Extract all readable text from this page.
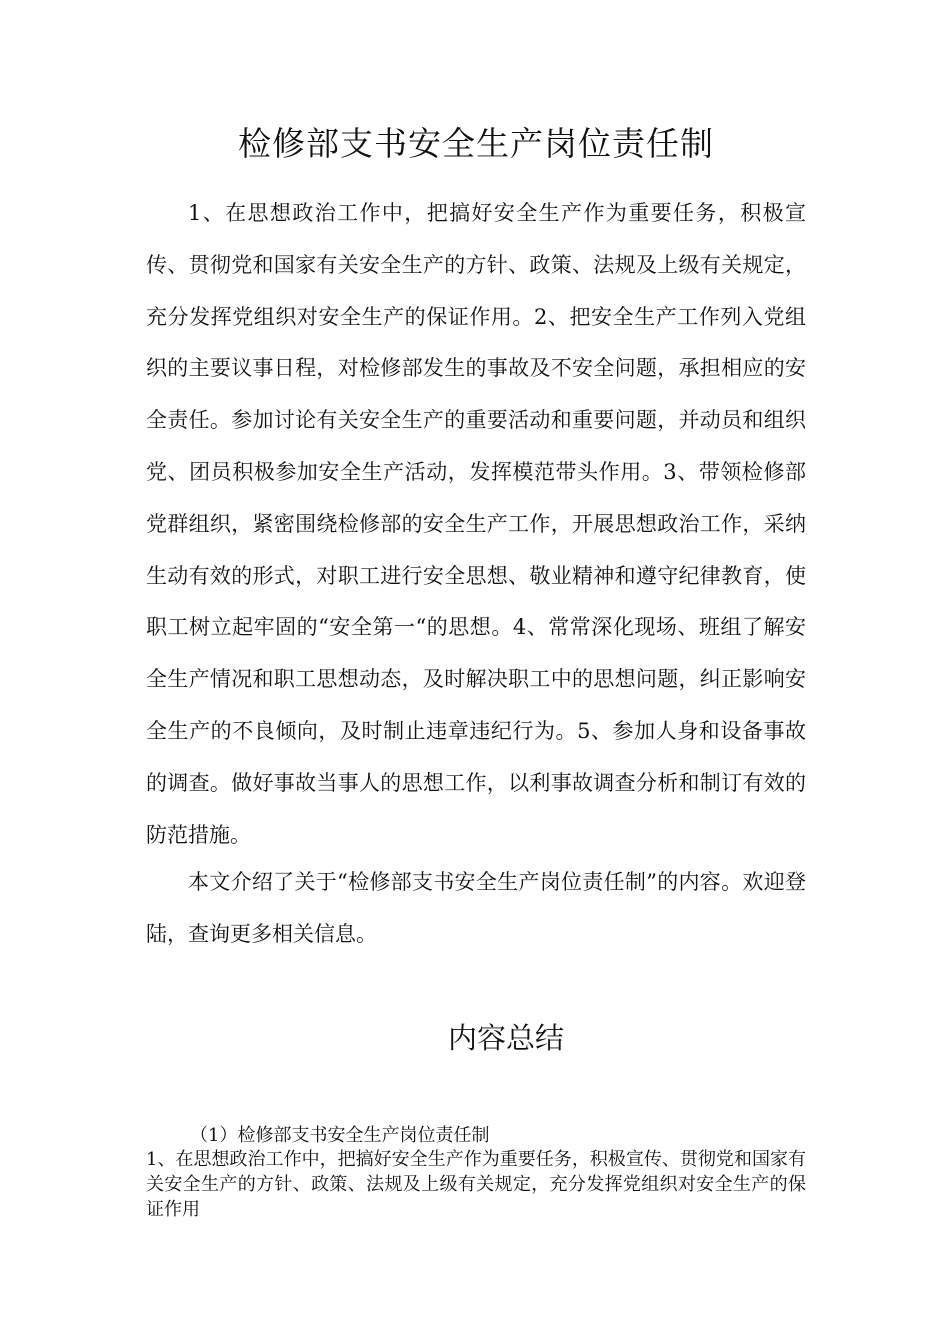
检修部支书安全生产岗位责任制

1、在思想政治工作中，把搞好安全生产作为重要任务，积极宣传、贯彻党和国家有关安全生产的方针、政策、法规及上级有关规定，充分发挥党组织对安全生产的保证作用。2、把安全生产工作列入党组织的主要议事日程，对检修部发生的事故及不安全问题，承担相应的安全责任。参加讨论有关安全生产的重要活动和重要问题，并动员和组织党、团员积极参加安全生产活动，发挥模范带头作用。3、带领检修部党群组织，紧密围绕检修部的安全生产工作，开展思想政治工作，采纳生动有效的形式，对职工进行安全思想、敬业精神和遵守纪律教育，使职工树立起牢固的“安全第一“的思想。4、常常深化现场、班组了解安全生产情况和职工思想动态，及时解决职工中的思想问题，纠正影响安全生产的不良倾向，及时制止违章违纪行为。5、参加人身和设备事故的调查。做好事故当事人的思想工作，以利事故调查分析和制订有效的防范措施。

本文介绍了关于“检修部支书安全生产岗位责任制”的内容。欢迎登陆，查询更多相关信息。

内容总结

（1）检修部支书安全生产岗位责任制

1、在思想政治工作中，把搞好安全生产作为重要任务，积极宣传、贯彻党和国家有关安全生产的方针、政策、法规及上级有关规定，充分发挥党组织对安全生产的保证作用
